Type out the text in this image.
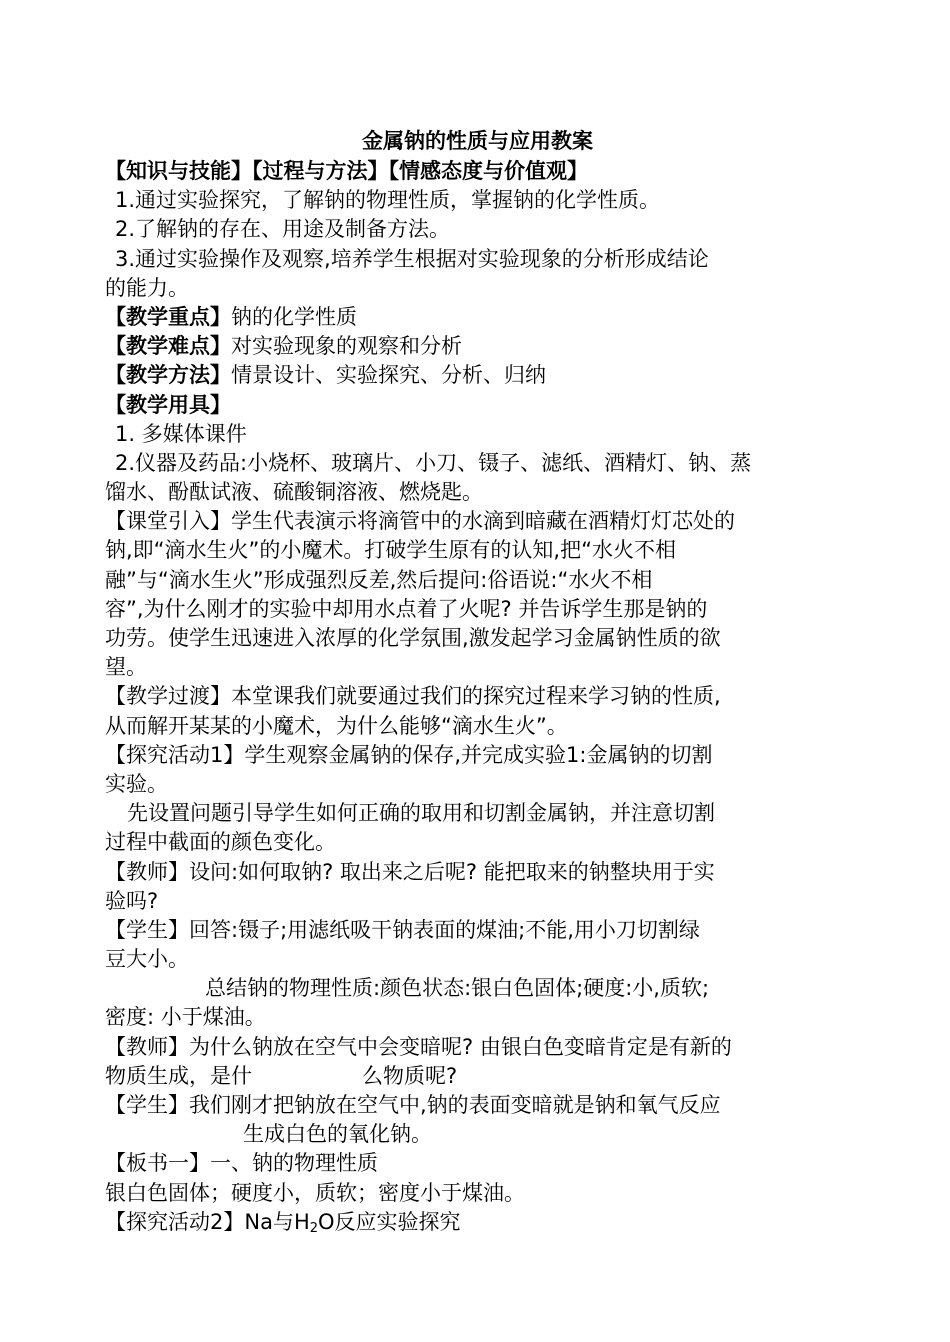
金属钠的性质与应用教案

【知识与技能】【过程与方法】【情感态度与价值观】

1.通过实验探究，了解钠的物理性质，掌握钠的化学性质。

2.了解钠的存在、用途及制备方法。

3.通过实验操作及观察,培养学生根据对实验现象的分析形成结论

的能力。

【教学重点】钠的化学性质

【教学难点】对实验现象的观察和分析

【教学方法】情景设计、实验探究、分析、归纳

【教学用具】

1. 多媒体课件

2.仪器及药品:小烧杯、玻璃片、小刀、镊子、滤纸、酒精灯、钠、蒸

馏水、酚酞试液、硫酸铜溶液、燃烧匙。

【课堂引入】学生代表演示将滴管中的水滴到暗藏在酒精灯灯芯处的

钠,即“滴水生火”的小魔术。打破学生原有的认知,把“水火不相

融”与“滴水生火”形成强烈反差,然后提问:俗语说:“水火不相

容”,为什么刚才的实验中却用水点着了火呢? 并告诉学生那是钠的

功劳。使学生迅速进入浓厚的化学氛围,激发起学习金属钠性质的欲

望。

【教学过渡】本堂课我们就要通过我们的探究过程来学习钠的性质,

从而解开某某的小魔术，为什么能够“滴水生火”。

【探究活动1】学生观察金属钠的保存,并完成实验1:金属钠的切割

实验。

先设置问题引导学生如何正确的取用和切割金属钠，并注意切割

过程中截面的颜色变化。

【教师】设问:如何取钠? 取出来之后呢? 能把取来的钠整块用于实

验吗?

【学生】回答:镊子;用滤纸吸干钠表面的煤油;不能,用小刀切割绿

豆大小。

总结钠的物理性质:颜色状态:银白色固体;硬度:小,质软;

密度: 小于煤油。

【教师】为什么钠放在空气中会变暗呢? 由银白色变暗肯定是有新的

物质生成，是什	么物质呢?

【学生】我们刚才把钠放在空气中,钠的表面变暗就是钠和氧气反应

生成白色的氧化钠。

【板书一】一、钠的物理性质

银白色固体；硬度小，质软；密度小于煤油。

【探究活动2】Na与$H_2O$反应实验探究
